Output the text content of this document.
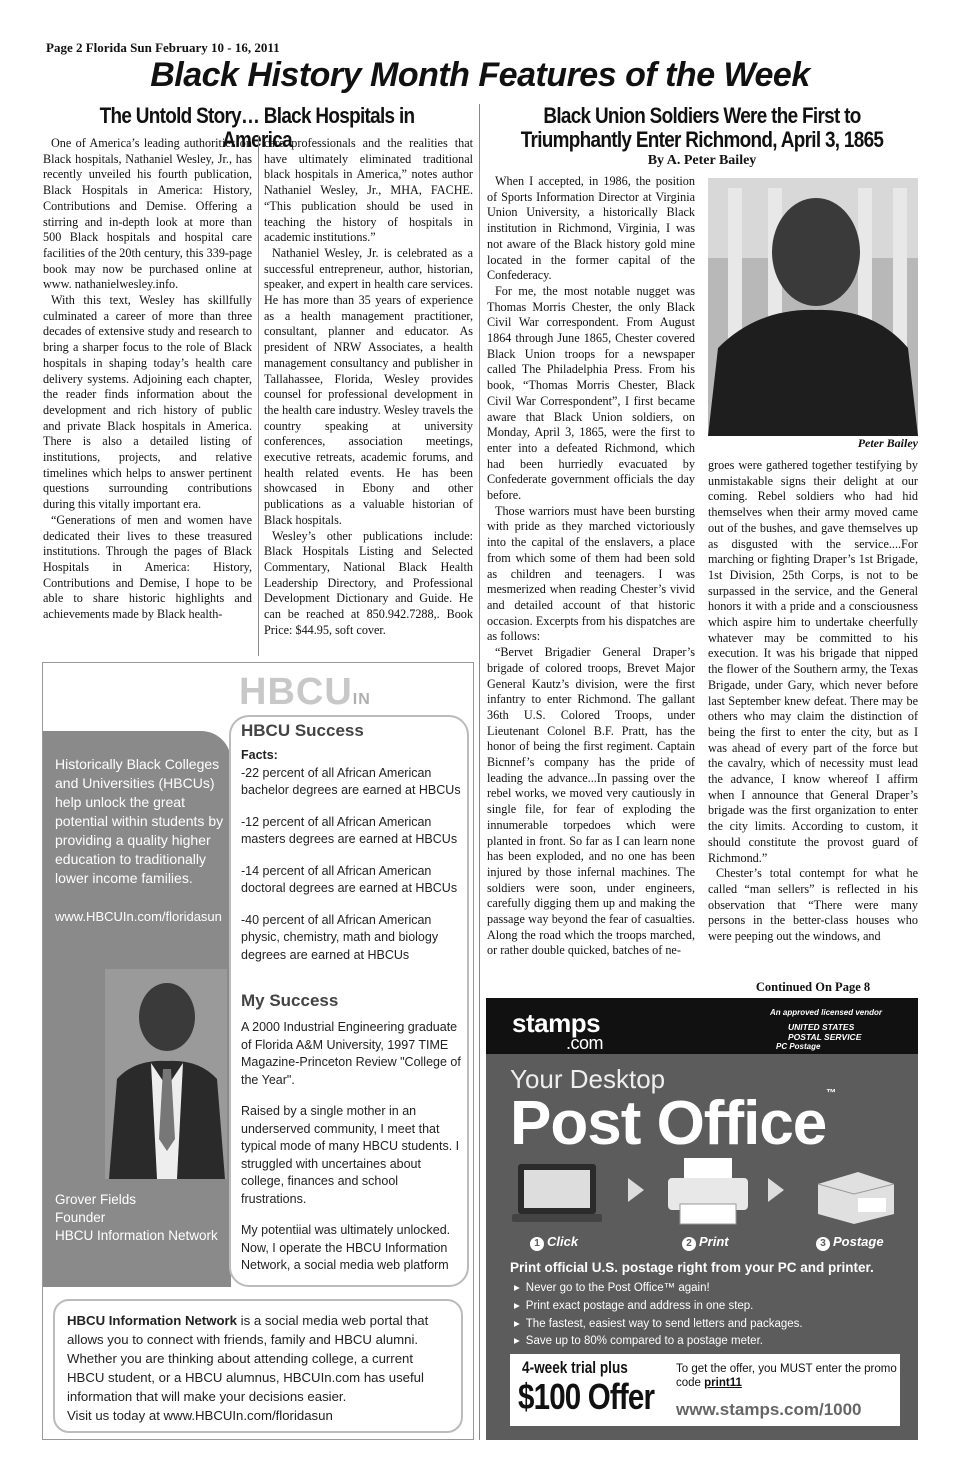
Page 2 Florida Sun February 10 - 16, 2011
Black History Month Features of the Week
The Untold Story… Black Hospitals in America

One of America’s leading authorities on Black hospitals, Nathaniel Wesley, Jr., has recently unveiled his fourth publication, Black Hospitals in America: History, Contributions and Demise. Offering a stirring and in-depth look at more than 500 Black hospitals and hospital care facilities of the 20th century, this 339-page book may now be purchased online at www. nathanielwesley.info.

With this text, Wesley has skillfully culminated a career of more than three decades of extensive study and research to bring a sharper focus to the role of Black hospitals in shaping today’s health care delivery systems. Adjoining each chapter, the reader finds information about the development and rich history of public and private Black hospitals in America. There is also a detailed listing of institutions, projects, and relative timelines which helps to answer pertinent questions surrounding contributions during this vitally important era.

“Generations of men and women have dedicated their lives to these treasured institutions. Through the pages of Black Hospitals in America: History, Contributions and Demise, I hope to be able to share historic highlights and achievements made by Black health-

care professionals and the realities that have ultimately eliminated traditional black hospitals in America,” notes author Nathaniel Wesley, Jr., MHA, FACHE. “This publication should be used in teaching the history of hospitals in academic institutions.”

Nathaniel Wesley, Jr. is celebrated as a successful entrepreneur, author, historian, speaker, and expert in health care services. He has more than 35 years of experience as a health management practitioner, consultant, planner and educator. As president of NRW Associates, a health management consultancy and publisher in Tallahassee, Florida, Wesley provides counsel for professional development in the health care industry. Wesley travels the country speaking at university conferences, association meetings, executive retreats, academic forums, and health related events. He has been showcased in Ebony and other publications as a valuable historian of Black hospitals.

Wesley’s other publications include: Black Hospitals Listing and Selected Commentary, National Black Health Leadership Directory, and Professional Development Dictionary and Guide. He can be reached at 850.942.7288,. Book Price: $44.95, soft cover.

HBCUIN
Historically Black Colleges and Universities (HBCUs) help unlock the great potential within students by providing a quality higher education to traditionally lower income families.
www.HBCUIn.com/floridasun
Grover Fields
Founder
HBCU Information Network
HBCU Success
Facts:
-22 percent of all African American bachelor degrees are earned at HBCUs
-12 percent of all African American masters degrees are earned at HBCUs
-14 percent of all African American doctoral degrees are earned at HBCUs
-40 percent of all African American physic, chemistry, math and biology degrees are earned at HBCUs
My Success
A 2000 Industrial Engineering graduate of Florida A&M University, 1997 TIME Magazine-Princeton Review "College of the Year".
Raised by a single mother in an underserved community, I meet that typical mode of many HBCU students. I struggled with uncertaines about college, finances and school frustrations.
My potentiial was ultimately unlocked. Now, I operate the HBCU Information Network, a social media web platform
HBCU Information Network is a social media web portal that allows you to connect with friends, family and HBCU alumni. Whether you are thinking about attending college, a current HBCU student, or a HBCU alumnus, HBCUIn.com has useful information that will make your decisions easier.
Visit us today at www.HBCUIn.com/floridasun
Black Union Soldiers Were the First to
Triumphantly Enter Richmond, April 3, 1865
By A. Peter Bailey

When I accepted, in 1986, the position of Sports Information Director at Virginia Union University, a historically Black institution in Richmond, Virginia, I was not aware of the Black history gold mine located in the former capital of the Confederacy.

For me, the most notable nugget was Thomas Morris Chester, the only Black Civil War correspondent. From August 1864 through June 1865, Chester covered Black Union troops for a newspaper called The Philadelphia Press. From his book, “Thomas Morris Chester, Black Civil War Correspondent”, I first became aware that Black Union soldiers, on Monday, April 3, 1865, were the first to enter into a defeated Richmond, which had been hurriedly evacuated by Confederate government officials the day before.

Those warriors must have been bursting with pride as they marched victoriously into the capital of the enslavers, a place from which some of them had been sold as children and teenagers. I was mesmerized when reading Chester’s vivid and detailed account of that historic occasion. Excerpts from his dispatches are as follows:

“Bervet Brigadier General Draper’s brigade of colored troops, Brevet Major General Kautz’s division, were the first infantry to enter Richmond. The gallant 36th U.S. Colored Troops, under Lieutenant Colonel B.F. Pratt, has the honor of being the first regiment. Captain Bicnnef’s company has the pride of leading the advance...In passing over the rebel works, we moved very cautiously in single file, for fear of exploding the innumerable torpedoes which were planted in front. So far as I can learn none has been exploded, and no one has been injured by those infernal machines. The soldiers were soon, under engineers, carefully digging them up and making the passage way beyond the fear of casualties. Along the road which the troops marched, or rather double quicked, batches of ne-

Peter Bailey

groes were gathered together testifying by unmistakable signs their delight at our coming. Rebel soldiers who had hid themselves when their army moved came out of the bushes, and gave themselves up as disgusted with the service....For marching or fighting Draper’s 1st Brigade, 1st Division, 25th Corps, is not to be surpassed in the service, and the General honors it with a pride and a consciousness which aspire him to undertake cheerfully whatever may be committed to his execution. It was his brigade that nipped the flower of the Southern army, the Texas Brigade, under Gary, which never before last September knew defeat. There may be others who may claim the distinction of being the first to enter the city, but as I was ahead of every part of the force but the cavalry, which of necessity must lead the advance, I know whereof I affirm when I announce that General Draper’s brigade was the first organization to enter the city limits. According to custom, it should constitute the provost guard of Richmond.”

Chester’s total contempt for what he called “man sellers” is reflected in his observation that “There were many persons in the better-class houses who were peeping out the windows, and

Continued On Page 8
stamps
.com
An approved licensed vendor
UNITED STATES
POSTAL SERVICE
PC Postage
Your Desktop
Post Office™
1 Click	2 Print	3 Postage
Print official U.S. postage right from your PC and printer.
▸ Never go to the Post Office™ again!
▸ Print exact postage and address in one step.
▸ The fastest, easiest way to send letters and packages.
▸ Save up to 80% compared to a postage meter.
4-week trial plus
$100 Offer
To get the offer, you MUST enter the promo code print11
www.stamps.com/1000
